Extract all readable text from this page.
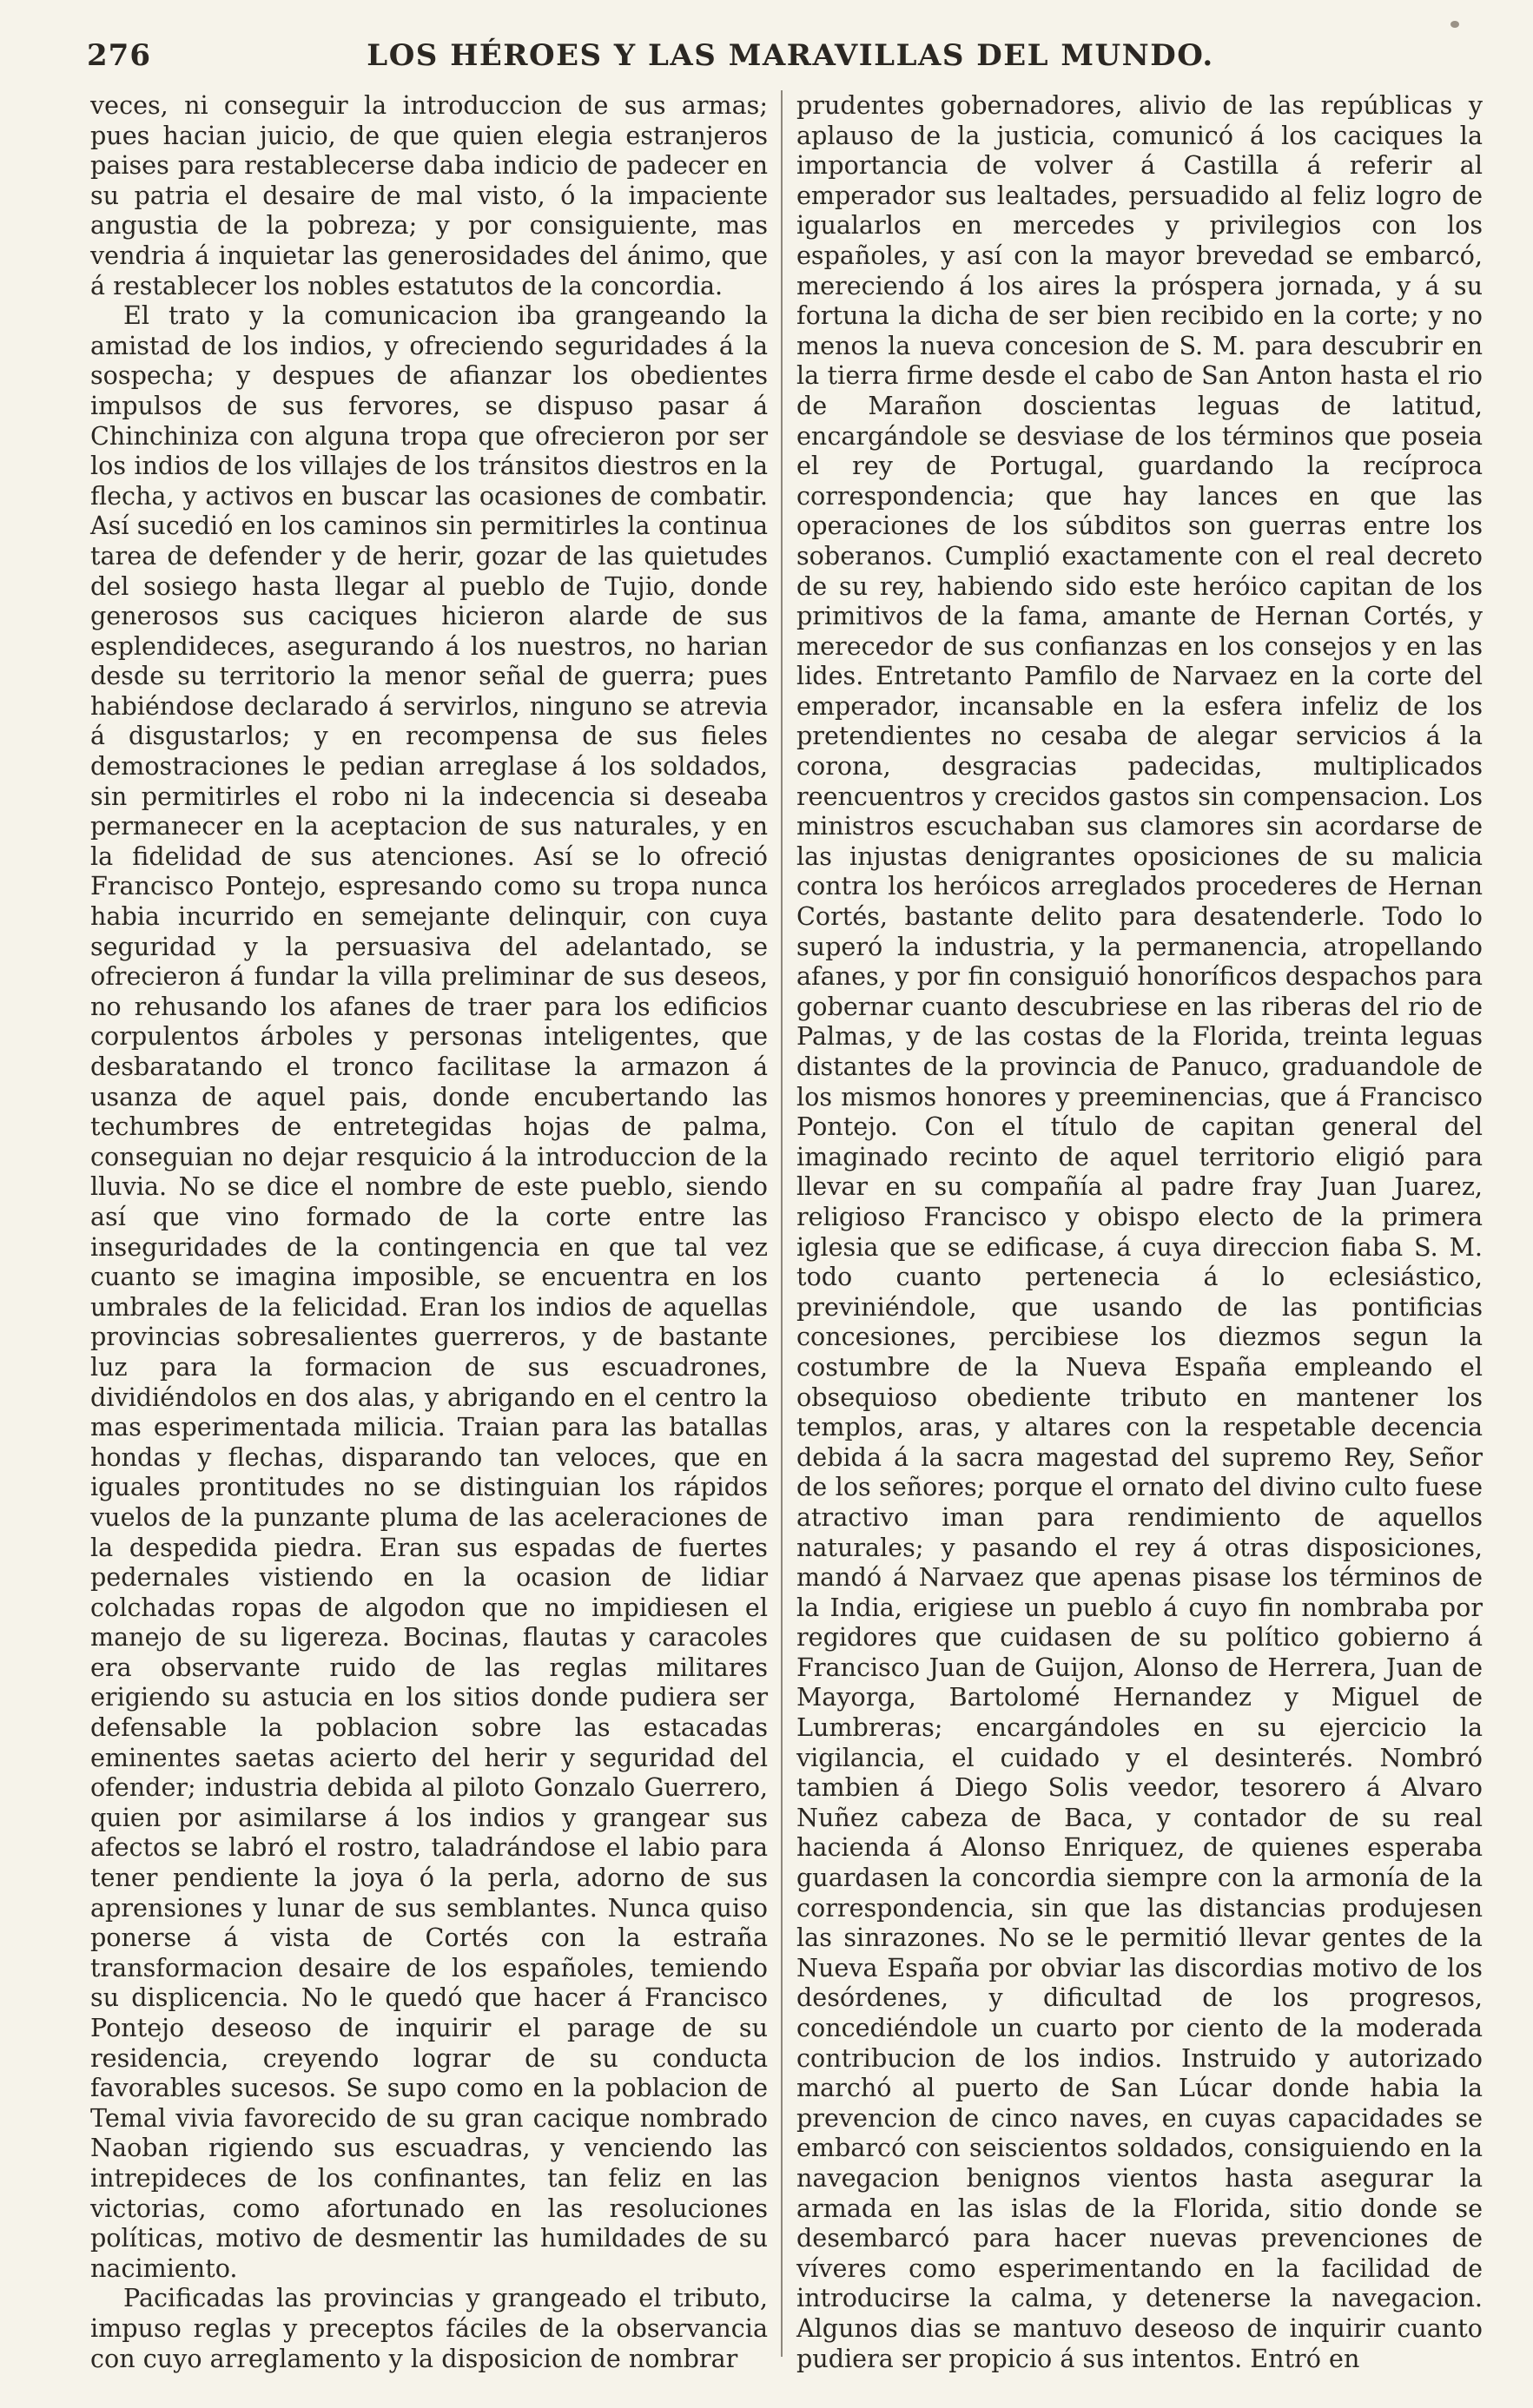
276	LOS HÉROES Y LAS MARAVILLAS DEL MUNDO.

veces, ni conseguir la introduccion de sus armas; pues hacian juicio, de que quien elegia estranjeros paises para restablecerse daba indicio de padecer en su patria el desaire de mal visto, ó la impaciente angustia de la pobreza; y por consiguiente, mas vendria á inquietar las generosidades del ánimo, que á restablecer los nobles estatutos de la concordia.

El trato y la comunicacion iba grangeando la amistad de los indios, y ofreciendo seguridades á la sospecha; y despues de afianzar los obedientes impulsos de sus fervores, se dispuso pasar á Chinchiniza con alguna tropa que ofrecieron por ser los indios de los villajes de los tránsitos diestros en la flecha, y activos en buscar las ocasiones de combatir. Así sucedió en los caminos sin permitirles la continua tarea de defender y de herir, gozar de las quietudes del sosiego hasta llegar al pueblo de Tujio, donde generosos sus caciques hicieron alarde de sus esplendideces, asegurando á los nuestros, no harian desde su territorio la menor señal de guerra; pues habiéndose declarado á servirlos, ninguno se atrevia á disgustarlos; y en recompensa de sus fieles demostraciones le pedian arreglase á los soldados, sin permitirles el robo ni la indecencia si deseaba permanecer en la aceptacion de sus naturales, y en la fidelidad de sus atenciones. Así se lo ofreció Francisco Pontejo, espresando como su tropa nunca habia incurrido en semejante delinquir, con cuya seguridad y la persuasiva del adelantado, se ofrecieron á fundar la villa preliminar de sus deseos, no rehusando los afanes de traer para los edificios corpulentos árboles y personas inteligentes, que desbaratando el tronco facilitase la armazon á usanza de aquel pais, donde encubertando las techumbres de entretegidas hojas de palma, conseguian no dejar resquicio á la introduccion de la lluvia. No se dice el nombre de este pueblo, siendo así que vino formado de la corte entre las inseguridades de la contingencia en que tal vez cuanto se imagina imposible, se encuentra en los umbrales de la felicidad. Eran los indios de aquellas provincias sobresalientes guerreros, y de bastante luz para la formacion de sus escuadrones, dividiéndolos en dos alas, y abrigando en el centro la mas esperimentada milicia. Traian para las batallas hondas y flechas, disparando tan veloces, que en iguales prontitudes no se distinguian los rápidos vuelos de la punzante pluma de las aceleraciones de la despedida piedra. Eran sus espadas de fuertes pedernales vistiendo en la ocasion de lidiar colchadas ropas de algodon que no impidiesen el manejo de su ligereza. Bocinas, flautas y caracoles era observante ruido de las reglas militares erigiendo su astucia en los sitios donde pudiera ser defensable la poblacion sobre las estacadas eminentes saetas acierto del herir y seguridad del ofender; industria debida al piloto Gonzalo Guerrero, quien por asimilarse á los indios y grangear sus afectos se labró el rostro, taladrándose el labio para tener pendiente la joya ó la perla, adorno de sus aprensiones y lunar de sus semblantes. Nunca quiso ponerse á vista de Cortés con la estraña transformacion desaire de los españoles, temiendo su displicencia. No le quedó que hacer á Francisco Pontejo deseoso de inquirir el parage de su residencia, creyendo lograr de su conducta favorables sucesos. Se supo como en la poblacion de Temal vivia favorecido de su gran cacique nombrado Naoban rigiendo sus escuadras, y venciendo las intrepideces de los confinantes, tan feliz en las victorias, como afortunado en las resoluciones políticas, motivo de desmentir las humildades de su nacimiento.

Pacificadas las provincias y grangeado el tributo, impuso reglas y preceptos fáciles de la observancia con cuyo arreglamento y la disposicion de nombrar

prudentes gobernadores, alivio de las repúblicas y aplauso de la justicia, comunicó á los caciques la importancia de volver á Castilla á referir al emperador sus lealtades, persuadido al feliz logro de igualarlos en mercedes y privilegios con los españoles, y así con la mayor brevedad se embarcó, mereciendo á los aires la próspera jornada, y á su fortuna la dicha de ser bien recibido en la corte; y no menos la nueva concesion de S. M. para descubrir en la tierra firme desde el cabo de San Anton hasta el rio de Marañon doscientas leguas de latitud, encargándole se desviase de los términos que poseia el rey de Portugal, guardando la recíproca correspondencia; que hay lances en que las operaciones de los súbditos son guerras entre los soberanos. Cumplió exactamente con el real decreto de su rey, habiendo sido este heróico capitan de los primitivos de la fama, amante de Hernan Cortés, y merecedor de sus confianzas en los consejos y en las lides. Entretanto Pamfilo de Narvaez en la corte del emperador, incansable en la esfera infeliz de los pretendientes no cesaba de alegar servicios á la corona, desgracias padecidas, multiplicados reencuentros y crecidos gastos sin compensacion. Los ministros escuchaban sus clamores sin acordarse de las injustas denigrantes oposiciones de su malicia contra los heróicos arreglados procederes de Hernan Cortés, bastante delito para desatenderle. Todo lo superó la industria, y la permanencia, atropellando afanes, y por fin consiguió honoríficos despachos para gobernar cuanto descubriese en las riberas del rio de Palmas, y de las costas de la Florida, treinta leguas distantes de la provincia de Panuco, graduandole de los mismos honores y preeminencias, que á Francisco Pontejo. Con el título de capitan general del imaginado recinto de aquel territorio eligió para llevar en su compañía al padre fray Juan Juarez, religioso Francisco y obispo electo de la primera iglesia que se edificase, á cuya direccion fiaba S. M. todo cuanto pertenecia á lo eclesiástico, previniéndole, que usando de las pontificias concesiones, percibiese los diezmos segun la costumbre de la Nueva España empleando el obsequioso obediente tributo en mantener los templos, aras, y altares con la respetable decencia debida á la sacra magestad del supremo Rey, Señor de los señores; porque el ornato del divino culto fuese atractivo iman para rendimiento de aquellos naturales; y pasando el rey á otras disposiciones, mandó á Narvaez que apenas pisase los términos de la India, erigiese un pueblo á cuyo fin nombraba por regidores que cuidasen de su político gobierno á Francisco Juan de Guijon, Alonso de Herrera, Juan de Mayorga, Bartolomé Hernandez y Miguel de Lumbreras; encargándoles en su ejercicio la vigilancia, el cuidado y el desinterés. Nombró tambien á Diego Solis veedor, tesorero á Alvaro Nuñez cabeza de Baca, y contador de su real hacienda á Alonso Enriquez, de quienes esperaba guardasen la concordia siempre con la armonía de la correspondencia, sin que las distancias produjesen las sinrazones. No se le permitió llevar gentes de la Nueva España por obviar las discordias motivo de los desórdenes, y dificultad de los progresos, concediéndole un cuarto por ciento de la moderada contribucion de los indios. Instruido y autorizado marchó al puerto de San Lúcar donde habia la prevencion de cinco naves, en cuyas capacidades se embarcó con seiscientos soldados, consiguiendo en la navegacion benignos vientos hasta asegurar la armada en las islas de la Florida, sitio donde se desembarcó para hacer nuevas prevenciones de víveres como esperimentando en la facilidad de introducirse la calma, y detenerse la navegacion. Algunos dias se mantuvo deseoso de inquirir cuanto pudiera ser propicio á sus intentos. Entró en
